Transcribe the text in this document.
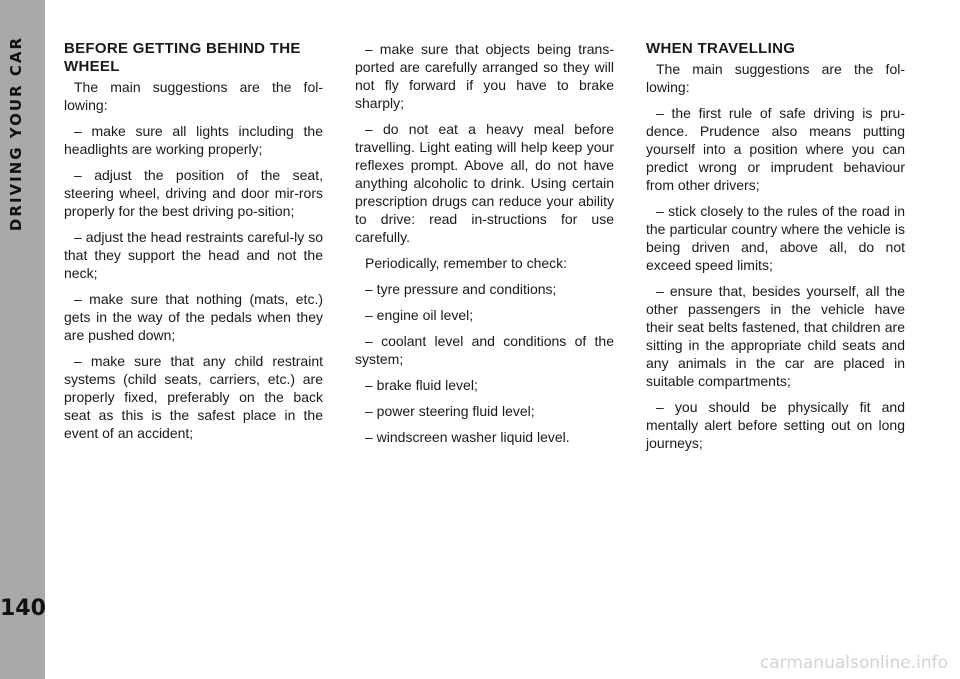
DRIVING YOUR CAR
140
BEFORE GETTING BEHIND THE WHEEL

The main suggestions are the fol-lowing:

– make sure all lights including the headlights are working properly;

– adjust the position of the seat, steering wheel, driving and door mir-rors properly for the best driving po-sition;

– adjust the head restraints careful-ly so that they support the head and not the neck;

– make sure that nothing (mats, etc.) gets in the way of the pedals when they are pushed down;

– make sure that any child restraint systems (child seats, carriers, etc.) are properly fixed, preferably on the back seat as this is the safest place in the event of an accident;

– make sure that objects being trans-ported are carefully arranged so they will not fly forward if you have to brake sharply;

– do not eat a heavy meal before travelling. Light eating will help keep your reflexes prompt. Above all, do not have anything alcoholic to drink. Using certain prescription drugs can reduce your ability to drive: read in-structions for use carefully.

Periodically, remember to check:

– tyre pressure and conditions;

– engine oil level;

– coolant level and conditions of the system;

– brake fluid level;

– power steering fluid level;

– windscreen washer liquid level.

WHEN TRAVELLING

The main suggestions are the fol-lowing:

– the first rule of safe driving is pru-dence. Prudence also means putting yourself into a position where you can predict wrong or imprudent behaviour from other drivers;

– stick closely to the rules of the road in the particular country where the vehicle is being driven and, above all, do not exceed speed limits;

– ensure that, besides yourself, all the other passengers in the vehicle have their seat belts fastened, that children are sitting in the appropriate child seats and any animals in the car are placed in suitable compartments;

– you should be physically fit and mentally alert before setting out on long journeys;

carmanualsonline.info
